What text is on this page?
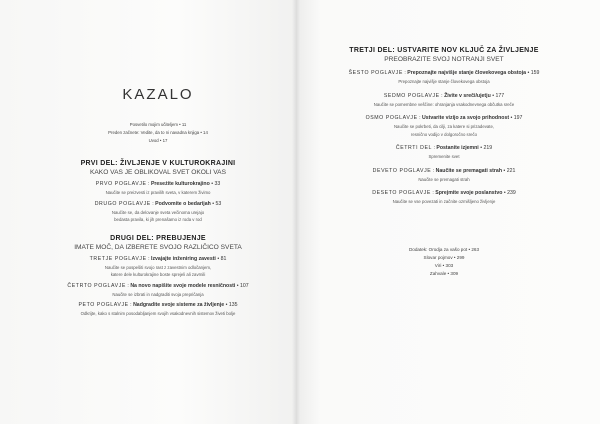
KAZALO
Posvetilo mojim učiteljem • 11
Preden začnete: Vedite, da to ni navadna knjiga • 14
Uvod • 17
PRVI DEL: ŽIVLJENJE V KULTUROKRAJINI
KAKO VAS JE OBLIKOVAL SVET OKOLI VAS
PRVO POGLAVJE : Preseżite kulturokrajino • 33
Naučite se preizvesti iz pravilih sveta, v katerem živimo
DRUGO POGLAVJE : Podvomite o bedarijah • 53
Naučite se, da delovanje sveta večinoma urejajo
bedasta pravila, ki jih prenašamo iz roda v rod
DRUGI DEL: PREBUJENJE
IMATE MOČ, DA IZBERETE SVOJO RAZLIČICO SVETA
TRETJE POGLAVJE : Izvajajte inženiring zavesti • 81
Naučite se pospešiti svojo rast z zavestnim odločanjem,
katere dele kulturokrajine boste sprejeli ali zavrnili
ČETRTO POGLAVJE : Na novo napišite svoje modele resničnosti • 107
Naučite se izbrati in nadgraditi svoja prepričanja
PETO POGLAVJE : Nadgradite svoje sisteme za življenje • 135
Odkrijte, kako s stalnim posodabljanjem svojih vsakodnevnih sistemov živeti bolje
TRETJI DEL: USTVARITE NOV KLJUČ ZA ŽIVLJENJE
PREOBRAZITE SVOJ NOTRANJI SVET
ŠESTO POGLAVJE : Prepoznajte najvišje stanje človekovega obstoja • 159
Prepoznajte najvišje stanje človekovega obstoja
SEDMO POGLAVJE : Živite v sreči/ujetju • 177
Naučite se pomembne veščine: ohranjanja vsakodnevnega občutka sreče
OSMO POGLAVJE : Ustvarite vizijo za svojo prihodnost • 197
Naučite se pokrbeti, da cilji, za katere si prizadevate,
resnično vodijo v dolgoročno srečo
ČETRTI DEL : Postanite izjemni • 219
Spremenite svet
DEVETO POGLAVJE : Naučite se premagati strah • 221
Naučite se premagati strah
DESETO POGLAVJE : Sprejmite svoje poslanstvo • 239
Naučite se vse povezati in začnite ozmišljeno življenje
Dodatek: Orodja za vašo pot • 263
Slovar pojmov • 299
Viri • 303
Zahvale • 309
